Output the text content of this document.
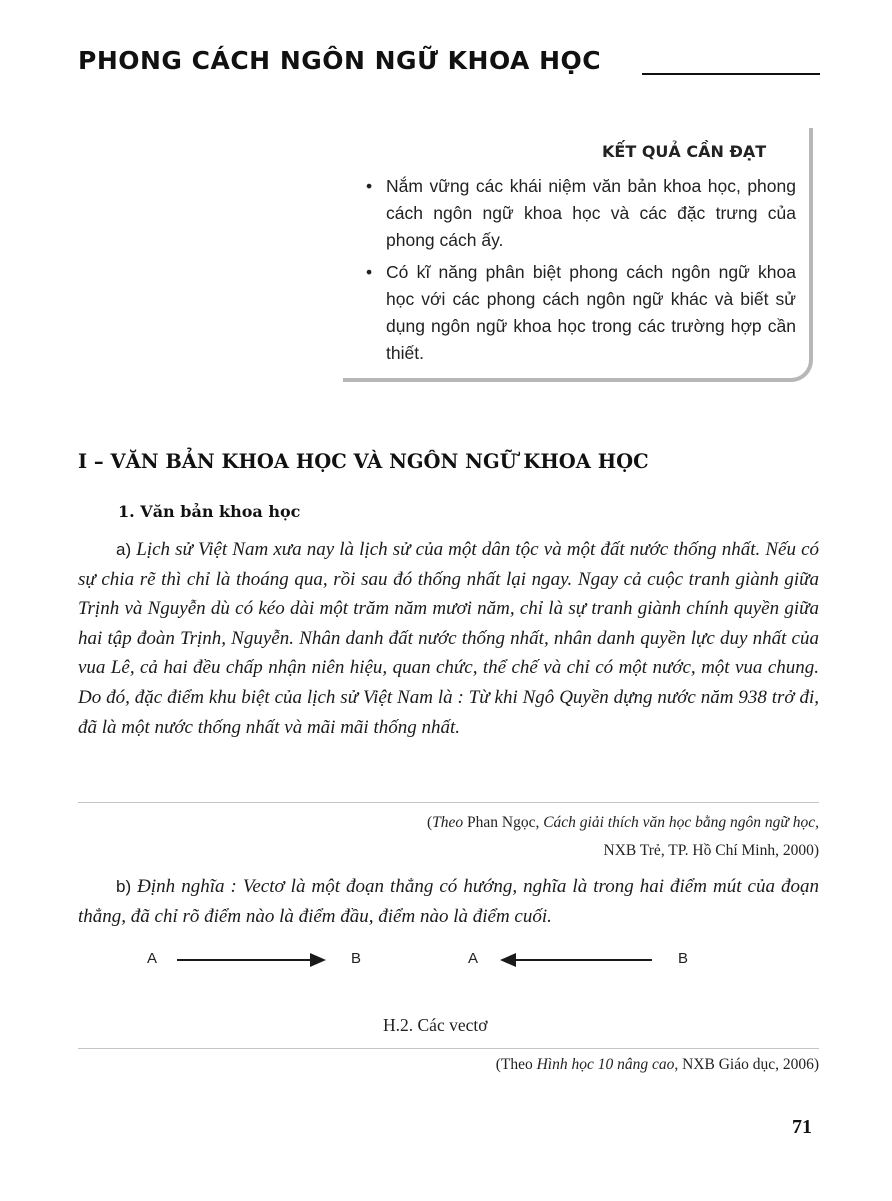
PHONG CÁCH NGÔN NGỮ KHOA HỌC
KẾT QUẢ CẦN ĐẠT
• Nắm vững các khái niệm văn bản khoa học, phong cách ngôn ngữ khoa học và các đặc trưng của phong cách ấy.
• Có kĩ năng phân biệt phong cách ngôn ngữ khoa học với các phong cách ngôn ngữ khác và biết sử dụng ngôn ngữ khoa học trong các trường hợp cần thiết.
I – VĂN BẢN KHOA HỌC VÀ NGÔN NGỮ KHOA HỌC
1. Văn bản khoa học

a) Lịch sử Việt Nam xưa nay là lịch sử của một dân tộc và một đất nước thống nhất. Nếu có sự chia rẽ thì chỉ là thoáng qua, rồi sau đó thống nhất lại ngay. Ngay cả cuộc tranh giành giữa Trịnh và Nguyễn dù có kéo dài một trăm năm mươi năm, chỉ là sự tranh giành chính quyền giữa hai tập đoàn Trịnh, Nguyễn. Nhân danh đất nước thống nhất, nhân danh quyền lực duy nhất của vua Lê, cả hai đều chấp nhận niên hiệu, quan chức, thể chế và chỉ có một nước, một vua chung. Do đó, đặc điểm khu biệt của lịch sử Việt Nam là : Từ khi Ngô Quyền dựng nước năm 938 trở đi, đã là một nước thống nhất và mãi mãi thống nhất.

(Theo Phan Ngọc, Cách giải thích văn học bằng ngôn ngữ học,
NXB Trẻ, TP. Hồ Chí Minh, 2000)

b) Định nghĩa : Vectơ là một đoạn thẳng có hướng, nghĩa là trong hai điểm mút của đoạn thẳng, đã chỉ rõ điểm nào là điểm đầu, điểm nào là điểm cuối.

A	B	A	B
H.2. Các vectơ
(Theo Hình học 10 nâng cao, NXB Giáo dục, 2006)
71
